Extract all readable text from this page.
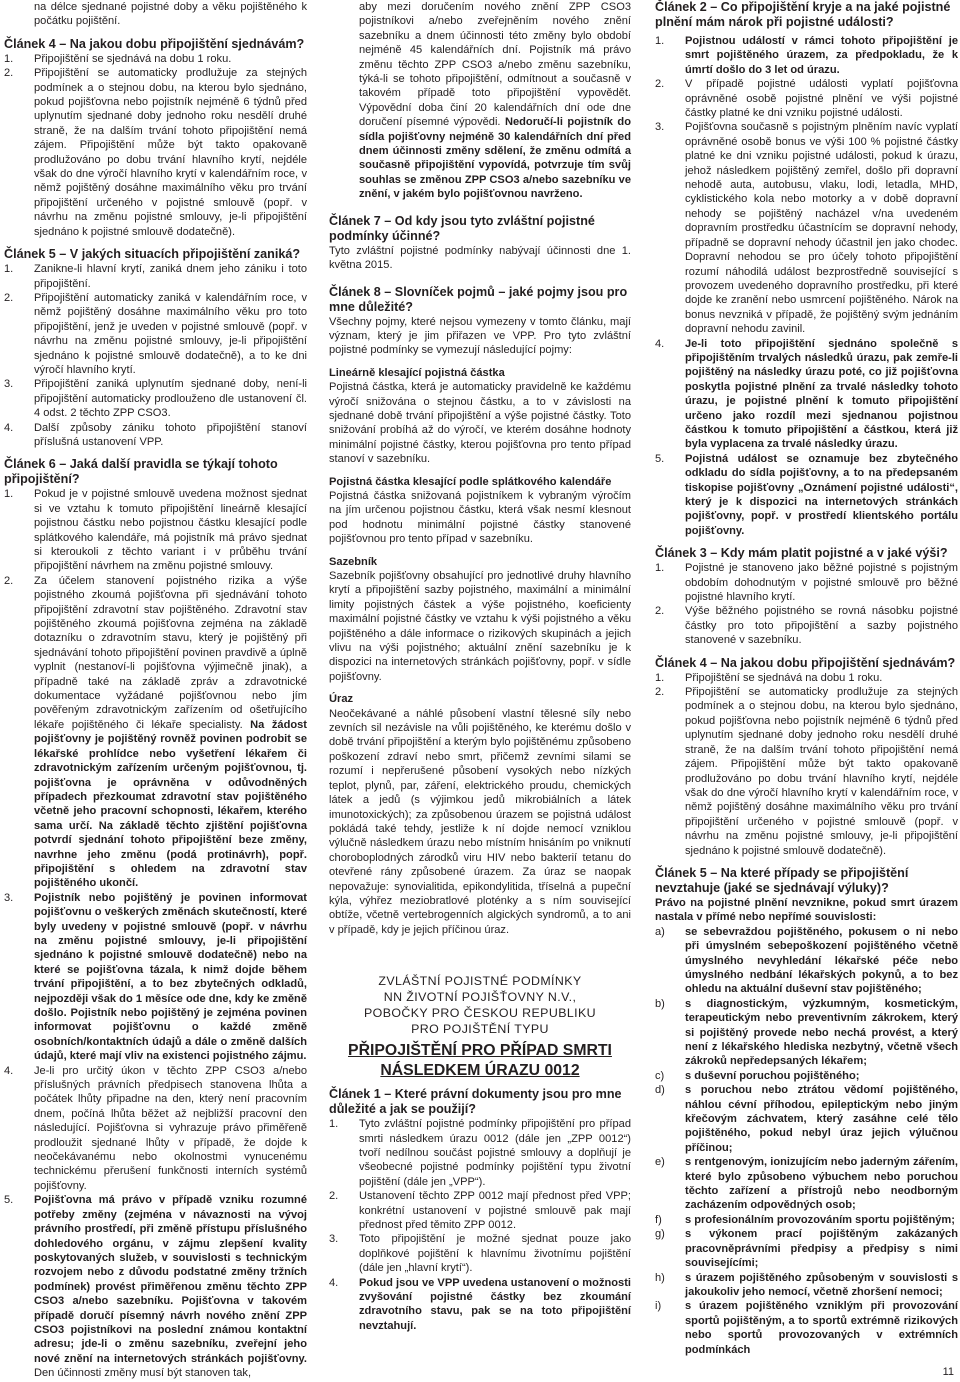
na délce sjednané pojistné doby a věku pojištěného k počátku pojištění.
Článek 4 – Na jakou dobu připojištění sjednávám?
1. Připojištění se sjednává na dobu 1 roku.
2. Připojištění se automaticky prodlužuje za stejných podmínek a o stejnou dobu, na kterou bylo sjednáno, pokud pojišťovna nebo pojistník nejméně 6 týdnů před uplynutím sjednané doby jednoho roku nesdělí druhé straně, že na dalším trvání tohoto připojištění nemá zájem. Připojištění může být takto opakovaně prodlužováno po dobu trvání hlavního krytí, nejdéle však do dne výročí hlavního krytí v kalendářním roce, v němž pojištěný dosáhne maximálního věku pro trvání připojištění určeného v pojistné smlouvě (popř. v návrhu na změnu pojistné smlouvy, je-li připojištění sjednáno k pojistné smlouvě dodatečně).
Článek 5 – V jakých situacích připojištění zaniká?
1. Zanikne-li hlavní krytí, zaniká dnem jeho zániku i toto připojištění.
2. Připojištění automaticky zaniká v kalendářním roce, v němž pojištěný dosáhne maximálního věku pro toto připojištění, jenž je uveden v pojistné smlouvě (popř. v návrhu na změnu pojistné smlouvy, je-li připojištění sjednáno k pojistné smlouvě dodatečně), a to ke dni výročí hlavního krytí.
3. Připojištění zaniká uplynutím sjednané doby, není-li připojištění automaticky prodlouženo dle ustanovení čl. 4 odst. 2 těchto ZPP CSO3.
4. Další způsoby zániku tohoto připojištění stanoví příslušná ustanovení VPP.
Článek 6 – Jaká další pravidla se týkají tohoto připojištění?
1. Pokud je v pojistné smlouvě uvedena možnost sjednat si ve vztahu k tomuto připojištění lineárně klesající pojistnou částku nebo pojistnou částku klesající podle splátkového kalendáře, má pojistník má právo sjednat si kteroukoli z těchto variant i v průběhu trvání připojištění návrhem na změnu pojistné smlouvy.
2. Za účelem stanovení pojistného rizika a výše pojistného zkoumá pojišťovna při sjednávání tohoto připojištění zdravotní stav pojištěného. Zdravotní stav pojištěného zkoumá pojišťovna zejména na základě dotazníku o zdravotním stavu, který je pojištěný při sjednávání tohoto připojištění povinen pravdivě a úplně vyplnit (nestanoví-li pojišťovna výjimečně jinak), a případně také na základě zpráv a zdravotnické dokumentace vyžádané pojišťovnou nebo jím pověřeným zdravotnickým zařízením od ošetřujícího lékaře pojištěného či lékaře specialisty. Na žádost pojišťovny je pojištěný rovněž povinen podrobit se lékařské prohlídce nebo vyšetření lékařem či zdravotnickým zařízením určeným pojišťovnou, tj. pojišťovna je oprávněna v odůvodněných případech přezkoumat zdravotní stav pojištěného včetně jeho pracovní schopnosti, lékařem, kterého sama určí. Na základě těchto zjištění pojišťovna potvrdí sjednání tohoto připojištění beze změny, navrhne jeho změnu (podá protinávrh), popř. připojištění s ohledem na zdravotní stav pojištěného ukončí.
3. Pojistník nebo pojištěný je povinen informovat pojišťovnu o veškerých změnách skutečností, které byly uvedeny v pojistné smlouvě (popř. v návrhu na změnu pojistné smlouvy, je-li připojištění sjednáno k pojistné smlouvě dodatečně) nebo na které se pojišťovna tázala, k nimž dojde během trvání připojištění, a to bez zbytečných odkladů, nejpozději však do 1 měsíce ode dne, kdy ke změně došlo. Pojistník nebo pojištěný je zejména povinen informovat pojišťovnu o každé změně osobních/kontaktních údajů a dále o změně dalších údajů, které mají vliv na existenci pojistného zájmu.
4. Je-li pro určitý úkon v těchto ZPP CSO3 a/nebo příslušných právních předpisech stanovena lhůta a počátek lhůty připadne na den, který není pracovním dnem, počíná lhůta běžet až nejbližší pracovní den následující. Pojišťovna si vyhrazuje právo přiměřeně prodloužit sjednané lhůty v případě, že dojde k neočekávanému nebo okolnostmi vynucenému technickému přerušení funkčnosti interních systémů pojišťovny.
5. Pojišťovna má právo v případě vzniku rozumné potřeby změny (zejména v návaznosti na vývoj právního prostředí, při změně přístupu příslušného dohledového orgánu, v zájmu zlepšení kvality poskytovaných služeb, v souvislosti s technickým rozvojem nebo z důvodu podstatné změny tržních podmínek) provést přiměřenou změnu těchto ZPP CSO3 a/nebo sazebníku. Pojišťovna v takovém případě doručí písemný návrh nového znění ZPP CSO3 pojistníkovi na poslední známou kontaktní adresu; jde-li o změnu sazebníku, zveřejní jeho nové znění na internetových stránkách pojišťovny. Den účinnosti změny musí být stanoven tak,

aby mezi doručením nového znění ZPP CSO3 pojistníkovi a/nebo zveřejněním nového znění sazebníku a dnem účinnosti této změny bylo období nejméně 45 kalendářních dní. Pojistník má právo změnu těchto ZPP CSO3 a/nebo změnu sazebníku, týká-li se tohoto připojištění, odmítnout a současně v takovém případě toto připojištění vypovědět. Výpovědní doba činí 20 kalendářních dní ode dne doručení písemné výpovědi. Nedoručí-li pojistník do sídla pojišťovny nejméně 30 kalendářních dní před dnem účinnosti změny sdělení, že změnu odmítá a současně připojištění vypovídá, potvrzuje tím svůj souhlas se změnou ZPP CSO3 a/nebo sazebníku ve znění, v jakém bylo pojišťovnou navrženo.

Článek 7 – Od kdy jsou tyto zvláštní pojistné podmínky účinné?

Tyto zvláštní pojistné podmínky nabývají účinnosti dne 1. května 2015.

Článek 8 – Slovníček pojmů – jaké pojmy jsou pro mne důležité?

Všechny pojmy, které nejsou vymezeny v tomto článku, mají význam, který je jim přiřazen ve VPP. Pro tyto zvláštní pojistné podmínky se vymezují následující pojmy:

Lineárně klesající pojistná částka

Pojistná částka, která je automaticky pravidelně ke každému výročí snižována o stejnou částku, a to v závislosti na sjednané době trvání připojištění a výše pojistné částky. Toto snižování probíhá až do výročí, ve kterém dosáhne hodnoty minimální pojistné částky, kterou pojišťovna pro tento případ stanoví v sazebníku.

Pojistná částka klesající podle splátkového kalendáře

Pojistná částka snižovaná pojistníkem k vybraným výročím na jím určenou pojistnou částku, která však nesmí klesnout pod hodnotu minimální pojistné částky stanovené pojišťovnou pro tento případ v sazebníku.

Sazebník

Sazebník pojišťovny obsahující pro jednotlivé druhy hlavního krytí a připojištění sazby pojistného, maximální a minimální limity pojistných částek a výše pojistného, koeficienty maximální pojistné částky ve vztahu k výši pojistného a věku pojištěného a dále informace o rizikových skupinách a jejich vlivu na výši pojistného; aktuální znění sazebníku je k dispozici na internetových stránkách pojišťovny, popř. v sídle pojišťovny.

Úraz

Neočekávané a náhlé působení vlastní tělesné síly nebo zevních sil nezávisle na vůli pojištěného, ke kterému došlo v době trvání připojištění a kterým bylo pojištěnému způsobeno poškození zdraví nebo smrt, přičemž zevními silami se rozumí i nepřerušené působení vysokých nebo nízkých teplot, plynů, par, záření, elektrického proudu, chemických látek a jedů (s výjimkou jedů mikrobiálních a látek imunotoxických); za způsobenou úrazem se pojistná událost pokládá také tehdy, jestliže k ní dojde nemocí vzniklou výlučně následkem úrazu nebo místním hnisáním po vniknutí choroboplodných zárodků viru HIV nebo bakterií tetanu do otevřené rány způsobené úrazem. Za úraz se naopak nepovažuje: synovialitida, epikondylitida, tříselná a pupeční kýla, výhřez meziobratlové ploténky a s ním související obtíže, včetně vertebrogenních algických syndromů, a to ani v případě, kdy je jejich příčinou úraz.

ZVLÁŠTNÍ POJISTNÉ PODMÍNKY
NN ŽIVOTNÍ POJIŠŤOVNY N.V.,
POBOČKY PRO ČESKOU REPUBLIKU
PRO POJIŠTĚNÍ TYPU
PŘIPOJIŠTĚNÍ PRO PŘÍPAD SMRTI
NÁSLEDKEM ÚRAZU 0012
Článek 1 – Které právní dokumenty jsou pro mne důležité a jak se použijí?
1. Tyto zvláštní pojistné podmínky připojištění pro případ smrti následkem úrazu 0012 (dále jen „ZPP 0012“) tvoří nedílnou součást pojistné smlouvy a doplňují je všeobecné pojistné podmínky pojištění typu životní pojištění (dále jen „VPP“).
2. Ustanovení těchto ZPP 0012 mají přednost před VPP; konkrétní ustanovení v pojistné smlouvě pak mají přednost před těmito ZPP 0012.
3. Toto připojištění je možné sjednat pouze jako doplňkové pojištění k hlavnímu životnímu pojištění (dále jen „hlavní krytí“).
4. Pokud jsou ve VPP uvedena ustanovení o možnosti zvyšování pojistné částky bez zkoumání zdravotního stavu, pak se na toto připojištění nevztahují.
Článek 2 – Co připojištění kryje a na jaké pojistné plnění mám nárok při pojistné události?
1. Pojistnou událostí v rámci tohoto připojištění je smrt pojištěného úrazem, za předpokladu, že k úmrtí došlo do 3 let od úrazu.
2. V případě pojistné události vyplatí pojišťovna oprávněné osobě pojistné plnění ve výši pojistné částky platné ke dni vzniku pojistné události.
3. Pojišťovna současně s pojistným plněním navíc vyplatí oprávněné osobě bonus ve výši 100 % pojistné částky platné ke dni vzniku pojistné události, pokud k úrazu, jehož následkem pojištěný zemřel, došlo při dopravní nehodě auta, autobusu, vlaku, lodi, letadla, MHD, cyklistického kola nebo motorky a v době dopravní nehody se pojištěný nacházel v/na uvedeném dopravním prostředku účastnícím se dopravní nehody, případně se dopravní nehody účastnil jen jako chodec. Dopravní nehodou se pro účely tohoto připojištění rozumí náhodilá událost bezprostředně související s provozem uvedeného dopravního prostředku, při které dojde ke zranění nebo usmrcení pojištěného. Nárok na bonus nevzniká v případě, že pojištěný svým jednáním dopravní nehodu zavinil.
4. Je-li toto připojištění sjednáno společně s připojištěním trvalých následků úrazu, pak zemře-li pojištěný na následky úrazu poté, co již pojišťovna poskytla pojistné plnění za trvalé následky tohoto úrazu, je pojistné plnění k tomuto připojištění určeno jako rozdíl mezi sjednanou pojistnou částkou k tomuto připojištění a částkou, která již byla vyplacena za trvalé následky úrazu.
5. Pojistná událost se oznamuje bez zbytečného odkladu do sídla pojišťovny, a to na předepsaném tiskopise pojišťovny „Oznámení pojistné události“, který je k dispozici na internetových stránkách pojišťovny, popř. v prostředí klientského portálu pojišťovny.
Článek 3 – Kdy mám platit pojistné a v jaké výši?
1. Pojistné je stanoveno jako běžné pojistné s pojistným obdobím dohodnutým v pojistné smlouvě pro běžné pojistné hlavního krytí.
2. Výše běžného pojistného se rovná násobku pojistné částky pro toto připojištění a sazby pojistného stanovené v sazebníku.
Článek 4 – Na jakou dobu připojištění sjednávám?
1. Připojištění se sjednává na dobu 1 roku.
2. Připojištění se automaticky prodlužuje za stejných podmínek a o stejnou dobu, na kterou bylo sjednáno, pokud pojišťovna nebo pojistník nejméně 6 týdnů před uplynutím sjednané doby jednoho roku nesdělí druhé straně, že na dalším trvání tohoto připojištění nemá zájem. Připojištění může být takto opakovaně prodlužováno po dobu trvání hlavního krytí, nejdéle však do dne výročí hlavního krytí v kalendářním roce, v němž pojištěný dosáhne maximálního věku pro trvání připojištění určeného v pojistné smlouvě (popř. v návrhu na změnu pojistné smlouvy, je-li připojištění sjednáno k pojistné smlouvě dodatečně).
Článek 5 – Na které případy se připojištění nevztahuje (jaké se sjednávají výluky)?

Právo na pojistné plnění nevznikne, pokud smrt úrazem nastala v přímé nebo nepřímé souvislosti:

a) se sebevraždou pojištěného, pokusem o ni nebo při úmyslném sebepoškození pojištěného včetně úmyslného nevyhledání lékařské péče nebo úmyslného nedbání lékařských pokynů, a to bez ohledu na aktuální duševní stav pojištěného;
b) s diagnostickým, výzkumným, kosmetickým, terapeutickým nebo preventivním zákrokem, který si pojištěný provede nebo nechá provést, a který není z lékařského hlediska nezbytný, včetně všech zákroků nepředepsaných lékařem;
c) s duševní poruchou pojištěného;
d) s poruchou nebo ztrátou vědomí pojištěného, náhlou cévní příhodou, epileptickým nebo jiným křečovým záchvatem, který zasáhne celé tělo pojištěného, pokud nebyl úraz jejich výlučnou příčinou;
e) s rentgenovým, ionizujícím nebo jaderným zářením, které bylo způsobeno výbuchem nebo poruchou těchto zařízení a přístrojů nebo neodborným zacházením odpovědných osob;
f) s profesionálním provozováním sportu pojištěným;
g) s výkonem prací pojištěným zakázaných pracovněprávními předpisy a předpisy s nimi souvisejícími;
h) s úrazem pojištěného způsobeným v souvislosti s jakoukoliv jeho nemocí, včetně zhoršení nemoci;
i) s úrazem pojištěného vzniklým při provozování sportů pojištěným, a to sportů extrémně rizikových nebo sportů provozovaných v extrémních podmínkách
11
